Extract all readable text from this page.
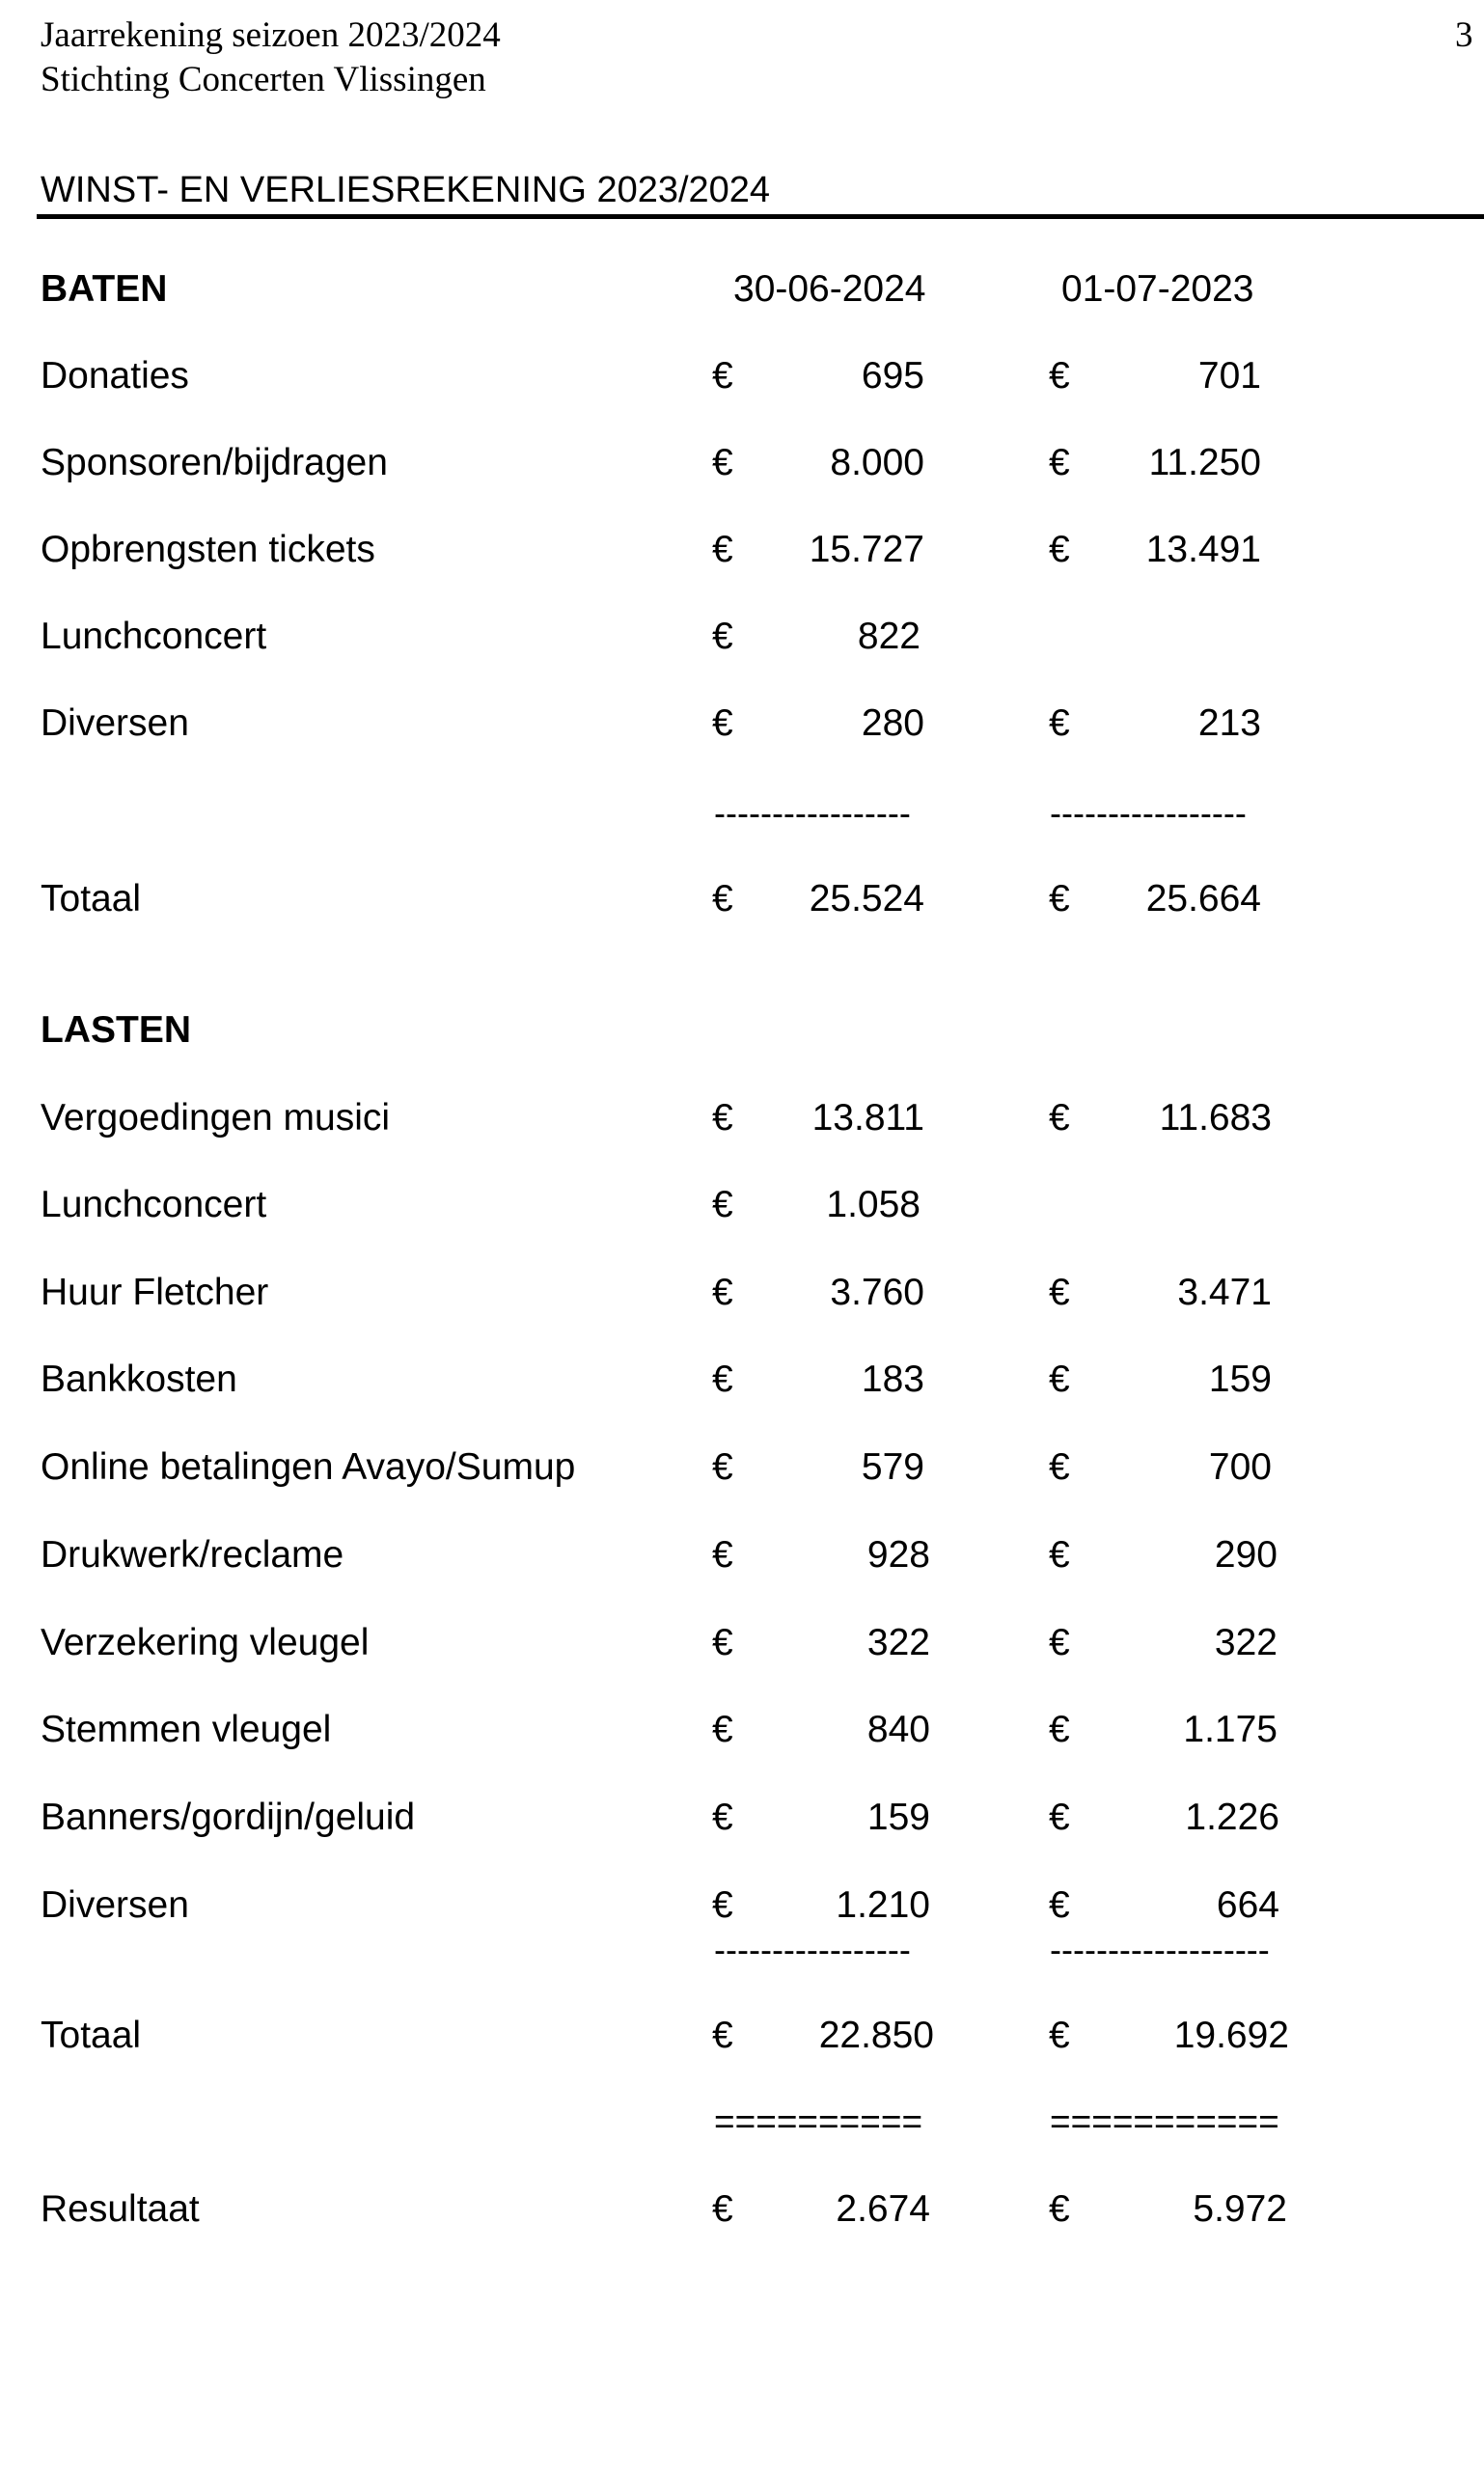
Jaarrekening seizoen 2023/2024
Stichting Concerten Vlissingen
3
WINST- EN VERLIESREKENING 2023/2024
BATEN	30-06-2024	01-07-2023
Donaties	€	695	€	701
Sponsoren/bijdragen	€	8.000	€	11.250
Opbrengsten tickets	€	15.727	€	13.491
Lunchconcert	€	822
Diversen	€	280	€	213
-----------------	-----------------
Totaal	€	25.524	€	25.664
LASTEN
Vergoedingen musici	€	13.811	€	11.683
Lunchconcert	€	1.058
Huur Fletcher	€	3.760	€	3.471
Bankkosten	€	183	€	159
Online betalingen Avayo/Sumup	€	579	€	700
Drukwerk/reclame	€	928	€	290
Verzekering vleugel	€	322	€	322
Stemmen vleugel	€	840	€	1.175
Banners/gordijn/geluid	€	159	€	1.226
Diversen	€	1.210	€	664
-----------------	-------------------
Totaal	€	22.850	€	19.692
==========	===========
Resultaat	€	2.674	€	5.972
